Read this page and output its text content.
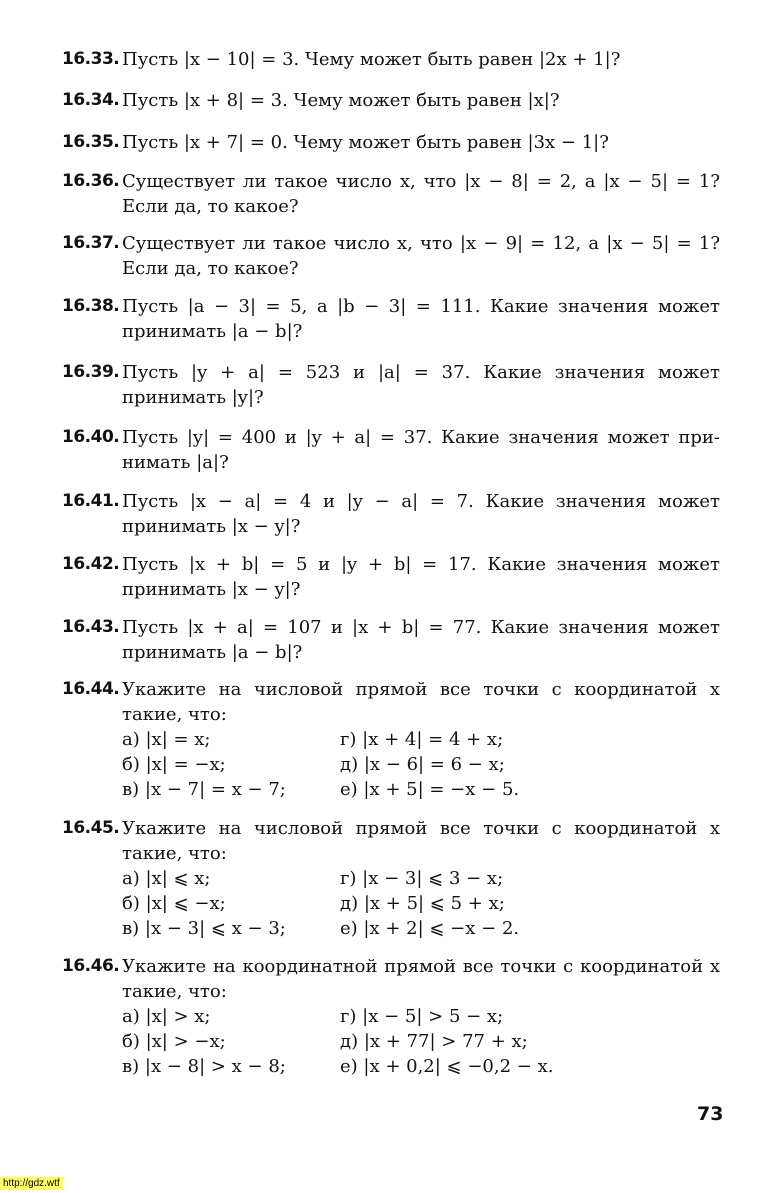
16.33. Пусть |x − 10| = 3. Чему может быть равен |2x + 1|?
16.34. Пусть |x + 8| = 3. Чему может быть равен |x|?
16.35. Пусть |x + 7| = 0. Чему может быть равен |3x − 1|?
16.36. Существует ли такое число x, что |x − 8| = 2, а |x − 5| = 1?
Если да, то какое?
16.37. Существует ли такое число x, что |x − 9| = 12, а |x − 5| = 1?
Если да, то какое?
16.38. Пусть |a − 3| = 5, а |b − 3| = 111. Какие значения может
принимать |a − b|?
16.39. Пусть |y + a| = 523 и |a| = 37. Какие значения может
принимать |y|?
16.40. Пусть |y| = 400 и |y + a| = 37. Какие значения может при-
нимать |a|?
16.41. Пусть |x − a| = 4 и |y − a| = 7. Какие значения может
принимать |x − y|?
16.42. Пусть |x + b| = 5 и |y + b| = 17. Какие значения может
принимать |x − y|?
16.43. Пусть |x + a| = 107 и |x + b| = 77. Какие значения может
принимать |a − b|?
16.44. Укажите на числовой прямой все точки с координатой x
такие, что:
а) |x| = x;	г) |x + 4| = 4 + x;
б) |x| = −x;	д) |x − 6| = 6 − x;
в) |x − 7| = x − 7;	е) |x + 5| = −x − 5.
16.45. Укажите на числовой прямой все точки с координатой x
такие, что:
а) |x| ⩽ x;	г) |x − 3| ⩽ 3 − x;
б) |x| ⩽ −x;	д) |x + 5| ⩽ 5 + x;
в) |x − 3| ⩽ x − 3;	е) |x + 2| ⩽ −x − 2.
16.46. Укажите на координатной прямой все точки с координатой x
такие, что:
а) |x| > x;	г) |x − 5| > 5 − x;
б) |x| > −x;	д) |x + 77| > 77 + x;
в) |x − 8| > x − 8;	е) |x + 0,2| ⩽ −0,2 − x.
73
http://gdz.wtf
